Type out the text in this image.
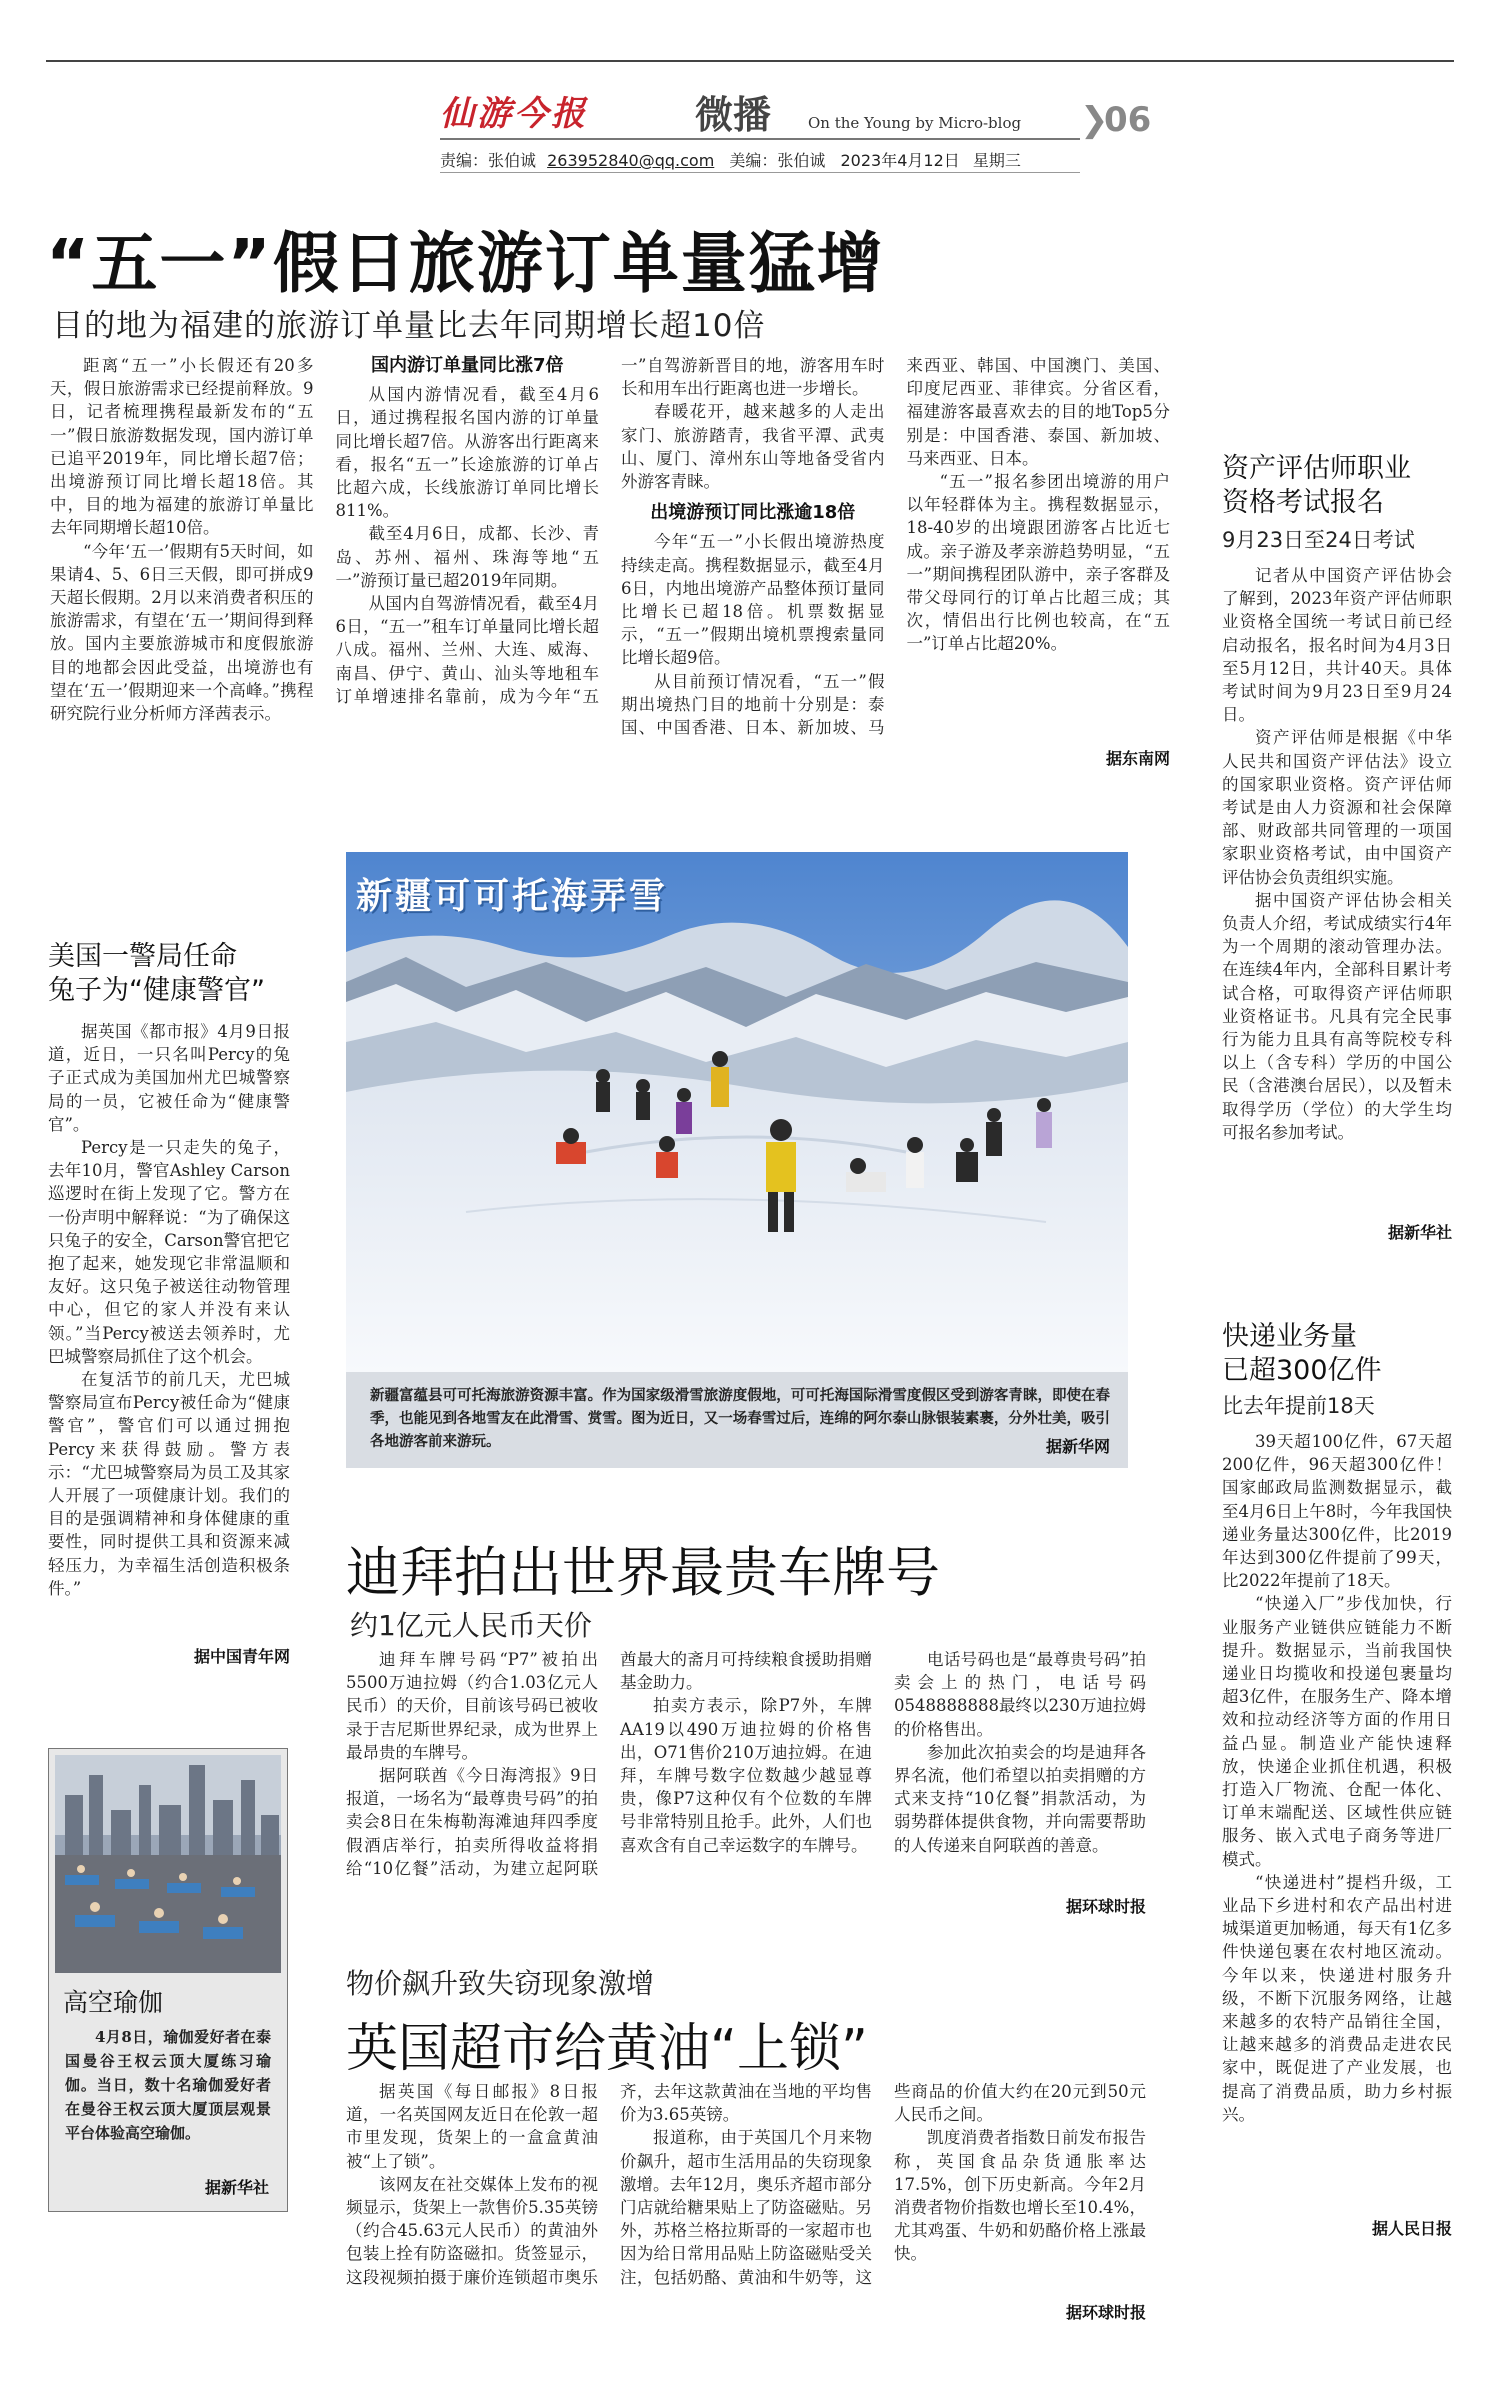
仙游今报	微播 On the Young by Micro-blog ❯
06
责编：张伯诚 263952840@qq.com 美编：张伯诚 2023年4月12日 星期三
“五一”假日旅游订单量猛增
目的地为福建的旅游订单量比去年同期增长超10倍

距离“五一”小长假还有20多天，假日旅游需求已经提前释放。9日，记者梳理携程最新发布的“五一”假日旅游数据发现，国内游订单已追平2019年，同比增长超7倍；出境游预订同比增长超18倍。其中，目的地为福建的旅游订单量比去年同期增长超10倍。

“今年‘五一’假期有5天时间，如果请4、5、6日三天假，即可拼成9天超长假期。2月以来消费者积压的旅游需求，有望在‘五一’期间得到释放。国内主要旅游城市和度假旅游目的地都会因此受益，出境游也有望在‘五一’假期迎来一个高峰。”携程研究院行业分析师方泽茜表示。

国内游订单量同比涨7倍

从国内游情况看，截至4月6日，通过携程报名国内游的订单量同比增长超7倍。从游客出行距离来看，报名“五一”长途旅游的订单占比超六成，长线旅游订单同比增长811%。

截至4月6日，成都、长沙、青岛、苏州、福州、珠海等地“五一”游预订量已超2019年同期。

从国内自驾游情况看，截至4月6日，“五一”租车订单量同比增长超八成。福州、兰州、大连、威海、南昌、伊宁、黄山、汕头等地租车订单增速排名靠前，成为今年“五一”自驾游新晋目的地，游客用车时长和用车出行距离也进一步增长。

春暖花开，越来越多的人走出家门、旅游踏青，我省平潭、武夷山、厦门、漳州东山等地备受省内外游客青睐。

出境游预订同比涨逾18倍

今年“五一”小长假出境游热度持续走高。携程数据显示，截至4月6日，内地出境游产品整体预订量同比增长已超18倍。机票数据显示，“五一”假期出境机票搜索量同比增长超9倍。

从目前预订情况看，“五一”假期出境热门目的地前十分别是：泰国、中国香港、日本、新加坡、马来西亚、韩国、中国澳门、美国、印度尼西亚、菲律宾。分省区看，福建游客最喜欢去的目的地Top5分别是：中国香港、泰国、新加坡、马来西亚、日本。

“五一”报名参团出境游的用户以年轻群体为主。携程数据显示，18-40岁的出境跟团游客占比近七成。亲子游及孝亲游趋势明显，“五一”期间携程团队游中，亲子客群及带父母同行的订单占比超三成；其次，情侣出行比例也较高，在“五一”订单占比超20%。

据东南网
资产评估师职业
资格考试报名
9月23日至24日考试

记者从中国资产评估协会了解到，2023年资产评估师职业资格全国统一考试日前已经启动报名，报名时间为4月3日至5月12日，共计40天。具体考试时间为9月23日至9月24日。

资产评估师是根据《中华人民共和国资产评估法》设立的国家职业资格。资产评估师考试是由人力资源和社会保障部、财政部共同管理的一项国家职业资格考试，由中国资产评估协会负责组织实施。

据中国资产评估协会相关负责人介绍，考试成绩实行4年为一个周期的滚动管理办法。在连续4年内，全部科目累计考试合格，可取得资产评估师职业资格证书。凡具有完全民事行为能力且具有高等院校专科以上（含专科）学历的中国公民（含港澳台居民），以及暂未取得学历（学位）的大学生均可报名参加考试。

据新华社
新疆可可托海弄雪
新疆富蕴县可可托海旅游资源丰富。作为国家级滑雪旅游度假地，可可托海国际滑雪度假区受到游客青睐，即使在春季，也能见到各地雪友在此滑雪、赏雪。图为近日，又一场春雪过后，连绵的阿尔泰山脉银装素裹，分外壮美，吸引各地游客前来游玩。	据新华网
美国一警局任命
兔子为“健康警官”

据英国《都市报》4月9日报道，近日，一只名叫Percy的兔子正式成为美国加州尤巴城警察局的一员，它被任命为“健康警官”。

Percy是一只走失的兔子，去年10月，警官Ashley Carson巡逻时在街上发现了它。警方在一份声明中解释说：“为了确保这只兔子的安全，Carson警官把它抱了起来，她发现它非常温顺和友好。这只兔子被送往动物管理中心，但它的家人并没有来认领。”当Percy被送去领养时，尤巴城警察局抓住了这个机会。

在复活节的前几天，尤巴城警察局宣布Percy被任命为“健康警官”，警官们可以通过拥抱Percy来获得鼓励。警方表示：“尤巴城警察局为员工及其家人开展了一项健康计划。我们的目的是强调精神和身体健康的重要性，同时提供工具和资源来减轻压力，为幸福生活创造积极条件。”

据中国青年网
迪拜拍出世界最贵车牌号
约1亿元人民币天价

迪拜车牌号码“P7”被拍出5500万迪拉姆（约合1.03亿元人民币）的天价，目前该号码已被收录于吉尼斯世界纪录，成为世界上最昂贵的车牌号。

据阿联酋《今日海湾报》9日报道，一场名为“最尊贵号码”的拍卖会8日在朱梅勒海滩迪拜四季度假酒店举行，拍卖所得收益将捐给“10亿餐”活动，为建立起阿联酋最大的斋月可持续粮食援助捐赠基金助力。

拍卖方表示，除P7外，车牌AA19以490万迪拉姆的价格售出，O71售价210万迪拉姆。在迪拜，车牌号数字位数越少越显尊贵，像P7这种仅有个位数的车牌号非常特别且抢手。此外，人们也喜欢含有自己幸运数字的车牌号。

电话号码也是“最尊贵号码”拍卖会上的热门，电话号码0548888888最终以230万迪拉姆的价格售出。

参加此次拍卖会的均是迪拜各界名流，他们希望以拍卖捐赠的方式来支持“10亿餐”捐款活动，为弱势群体提供食物，并向需要帮助的人传递来自阿联酋的善意。

据环球时报
快递业务量
已超300亿件
比去年提前18天

39天超100亿件，67天超200亿件，96天超300亿件！国家邮政局监测数据显示，截至4月6日上午8时，今年我国快递业务量达300亿件，比2019年达到300亿件提前了99天，比2022年提前了18天。

“快递入厂”步伐加快，行业服务产业链供应链能力不断提升。数据显示，当前我国快递业日均揽收和投递包裹量均超3亿件，在服务生产、降本增效和拉动经济等方面的作用日益凸显。制造业产能快速释放，快递企业抓住机遇，积极打造入厂物流、仓配一体化、订单末端配送、区域性供应链服务、嵌入式电子商务等进厂模式。

“快递进村”提档升级，工业品下乡进村和农产品出村进城渠道更加畅通，每天有1亿多件快递包裹在农村地区流动。今年以来，快递进村服务升级，不断下沉服务网络，让越来越多的农特产品销往全国，让越来越多的消费品走进农民家中，既促进了产业发展，也提高了消费品质，助力乡村振兴。

据人民日报
高空瑜伽
4月8日，瑜伽爱好者在泰国曼谷王权云顶大厦练习瑜伽。当日，数十名瑜伽爱好者在曼谷王权云顶大厦顶层观景平台体验高空瑜伽。
据新华社
物价飙升致失窃现象激增
英国超市给黄油“上锁”

据英国《每日邮报》8日报道，一名英国网友近日在伦敦一超市里发现，货架上的一盒盒黄油被“上了锁”。

该网友在社交媒体上发布的视频显示，货架上一款售价5.35英镑（约合45.63元人民币）的黄油外包装上拴有防盗磁扣。货签显示，这段视频拍摄于廉价连锁超市奥乐齐，去年这款黄油在当地的平均售价为3.65英镑。

报道称，由于英国几个月来物价飙升，超市生活用品的失窃现象激增。去年12月，奥乐齐超市部分门店就给糖果贴上了防盗磁贴。另外，苏格兰格拉斯哥的一家超市也因为给日常用品贴上防盗磁贴受关注，包括奶酪、黄油和牛奶等，这些商品的价值大约在20元到50元人民币之间。

凯度消费者指数日前发布报告称，英国食品杂货通胀率达17.5%，创下历史新高。今年2月消费者物价指数也增长至10.4%，尤其鸡蛋、牛奶和奶酪价格上涨最快。

据环球时报
